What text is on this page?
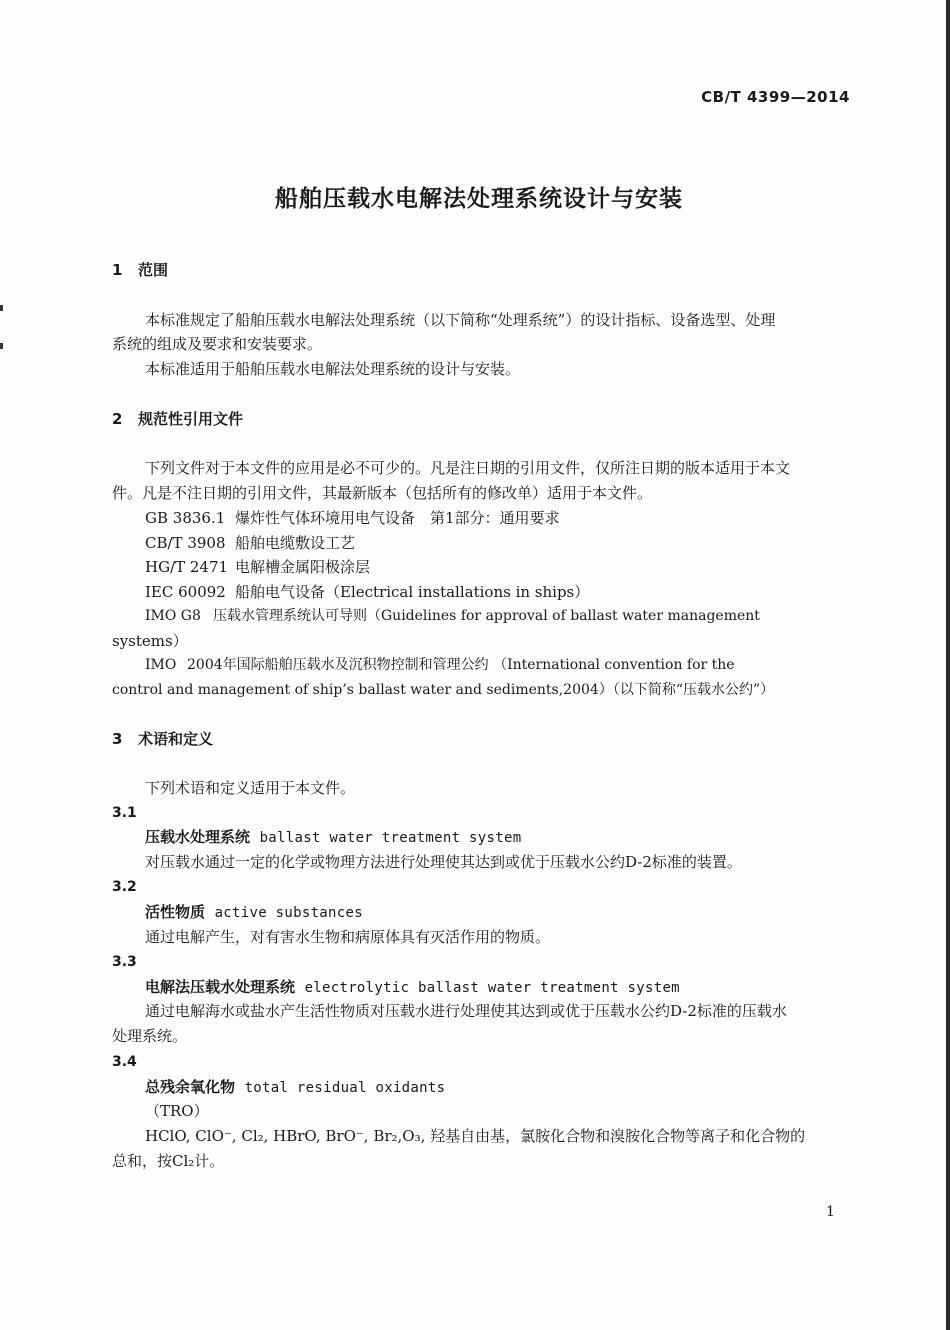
CB/T 4399—2014
船舶压载水电解法处理系统设计与安装
1 范围
本标准规定了船舶压载水电解法处理系统（以下简称“处理系统”）的设计指标、设备选型、处理
系统的组成及要求和安装要求。
本标准适用于船舶压载水电解法处理系统的设计与安装。
2 规范性引用文件
下列文件对于本文件的应用是必不可少的。凡是注日期的引用文件，仅所注日期的版本适用于本文
件。凡是不注日期的引用文件，其最新版本（包括所有的修改单）适用于本文件。
GB 3836.1 爆炸性气体环境用电气设备　第1部分：通用要求
CB/T 3908 船舶电缆敷设工艺
HG/T 2471 电解槽金属阳极涂层
IEC 60092 船舶电气设备（Electrical installations in ships）
IMO G8 压载水管理系统认可导则（Guidelines for approval of ballast water management
systems）
IMO 2004年国际船舶压载水及沉积物控制和管理公约 （International convention for the
control and management of ship’s ballast water and sediments,2004）（以下简称“压载水公约”）
3 术语和定义
下列术语和定义适用于本文件。
3.1
压载水处理系统 ballast water treatment system
对压载水通过一定的化学或物理方法进行处理使其达到或优于压载水公约D-2标准的装置。
3.2
活性物质 active substances
通过电解产生，对有害水生物和病原体具有灭活作用的物质。
3.3
电解法压载水处理系统 electrolytic ballast water treatment system
通过电解海水或盐水产生活性物质对压载水进行处理使其达到或优于压载水公约D-2标准的压载水
处理系统。
3.4
总残余氧化物 total residual oxidants
（TRO）
HClO, ClO⁻, Cl₂, HBrO, BrO⁻, Br₂,O₃, 羟基自由基，氯胺化合物和溴胺化合物等离子和化合物的
总和，按Cl₂计。
1
